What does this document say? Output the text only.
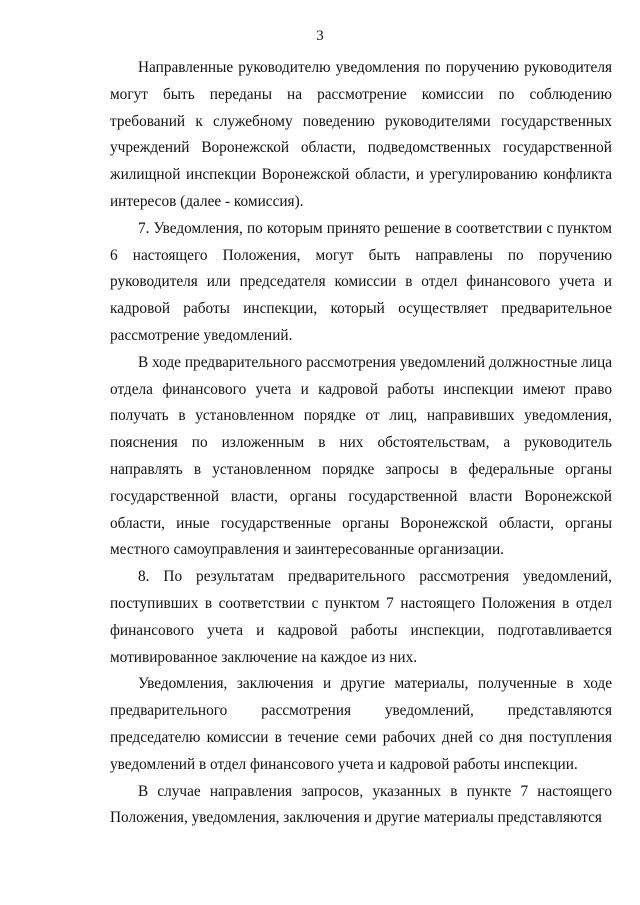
3

Направленные руководителю уведомления по поручению руководителя могут быть переданы на рассмотрение комиссии по соблюдению требований к служебному поведению руководителями государственных учреждений Воронежской области, подведомственных государственной жилищной инспекции Воронежской области, и урегулированию конфликта интересов (далее - комиссия).

7. Уведомления, по которым принято решение в соответствии с пунктом 6 настоящего Положения, могут быть направлены по поручению руководителя или председателя комиссии в отдел финансового учета и кадровой работы инспекции, который осуществляет предварительное рассмотрение уведомлений.

В ходе предварительного рассмотрения уведомлений должностные лица отдела финансового учета и кадровой работы инспекции имеют право получать в установленном порядке от лиц, направивших уведомления, пояснения по изложенным в них обстоятельствам, а руководитель направлять в установленном порядке запросы в федеральные органы государственной власти, органы государственной власти Воронежской области, иные государственные органы Воронежской области, органы местного самоуправления и заинтересованные организации.

8. По результатам предварительного рассмотрения уведомлений, поступивших в соответствии с пунктом 7 настоящего Положения в отдел финансового учета и кадровой работы инспекции, подготавливается мотивированное заключение на каждое из них.

Уведомления, заключения и другие материалы, полученные в ходе предварительного рассмотрения уведомлений, представляются председателю комиссии в течение семи рабочих дней со дня поступления уведомлений в отдел финансового учета и кадровой работы инспекции.

В случае направления запросов, указанных в пункте 7 настоящего Положения, уведомления, заключения и другие материалы представляются
